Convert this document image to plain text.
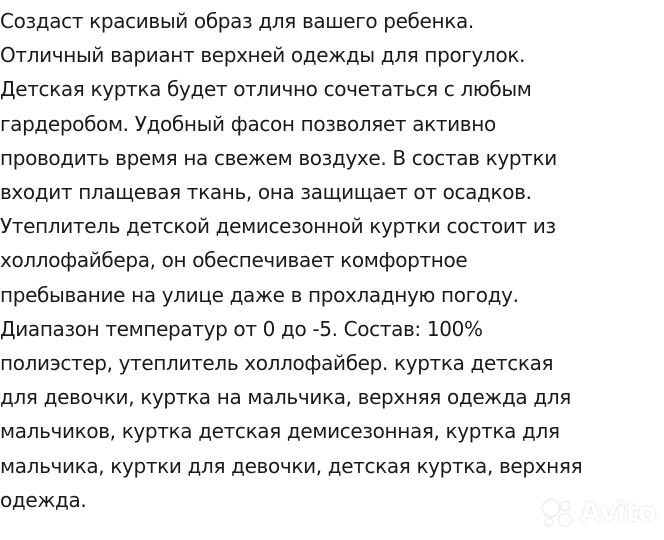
Создаст красивый образ для вашего ребенка.
Отличный вариант верхней одежды для прогулок.
Детская куртка будет отлично сочетаться с любым
гардеробом. Удобный фасон позволяет активно
проводить время на свежем воздухе. В состав куртки
входит плащевая ткань, она защищает от осадков.
Утеплитель детской демисезонной куртки состоит из
холлофайбера, он обеспечивает комфортное
пребывание на улице даже в прохладную погоду.
Диапазон температур от 0 до -5. Состав: 100%
полиэстер, утеплитель холлофайбер. куртка детская
для девочки, куртка на мальчика, верхняя одежда для
мальчиков, куртка детская демисезонная, куртка для
мальчика, куртки для девочки, детская куртка, верхняя
одежда.	Avito
